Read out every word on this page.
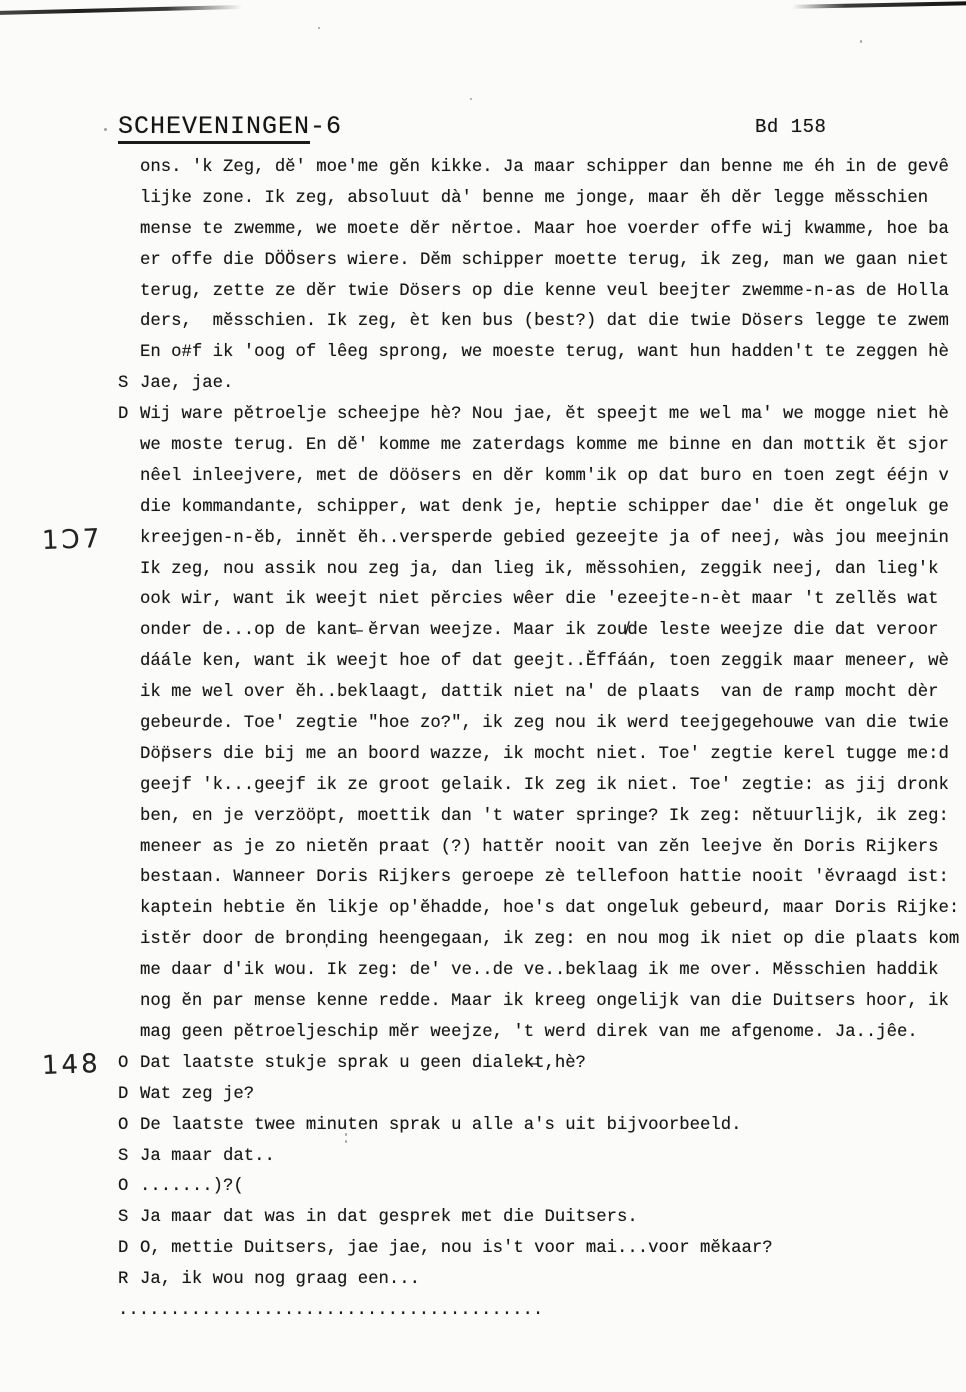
SCHEVENINGEN-6	Bd 158
ons. 'k Zeg, dĕ' moe'me gĕn kikke. Ja maar schipper dan benne me éh in de gevê
lijke zone. Ik zeg, absoluut dà' benne me jonge, maar ĕh dĕr legge mĕsschien
mense te zwemme, we moete dĕr nĕrtoe. Maar hoe voerder offe wij kwamme, hoe ba
er offe die DÖÖsers wiere. Dĕm schipper moette terug, ik zeg, man we gaan niet
terug, zette ze dĕr twie Dösers op die kenne veul beejter zwemme-n-as de Holla
ders,  mĕsschien. Ik zeg, èt ken bus (best?) dat die twie Dösers legge te zwem
En o#f ik 'oog of lêeg sprong, we moeste terug, want hun hadden't te zeggen hè
S Jae, jae.
D Wij ware pĕtroelje scheejpe hè? Nou jae, ĕt speejt me wel ma' we mogge niet hè
we moste terug. En dĕ' komme me zaterdags komme me binne en dan mottik ĕt sjor
nêel inleejvere, met de döösers en dĕr komm'ik op dat buro en toen zegt ééjn v
die kommandante, schipper, wat denk je, heptie schipper dae' die ĕt ongeluk ge
1Ɔ7 kreejgen-n-ĕb, innĕt ĕh..versperde gebied gezeejte ja of neej, wàs jou meejnin
Ik zeg, nou assik nou zeg ja, dan lieg ik, mĕssohien, zeggik neej, dan lieg'k
ook wir, want ik weejt niet pĕrcies wêer die 'ezeejte-n-èt maar 't zellĕs wat
onder de...op de kant̶ ĕrvan weejze. Maar ik zou̸de leste weejze die dat veroor
dáále ken, want ik weejt hoe of dat geejt..Ĕffáán, toen zeggik maar meneer, wè
ik me wel over ĕh..beklaagt, dattik niet na' de plaats  van de ramp mocht dèr
gebeurde. Toe' zegtie "hoe zo?", ik zeg nou ik werd teejgegehouwe van die twie
Döp̈sers die bij me an boord wazze, ik mocht niet. Toe' zegtie kerel tugge me:d
geejf 'k...geejf ik ze groot gelaik. Ik zeg ik niet. Toe' zegtie: as jij dronk
ben, en je verzööpt, moettik dan 't water springe? Ik zeg: nĕtuurlijk, ik zeg:
meneer as je zo nietĕn praat (?) hattĕr nooit van zĕn leejve ĕn Doris Rijkers
bestaan. Wanneer Doris Rijkers geroepe zè tellefoon hattie nooit 'ĕvraagd ist:
kaptein hebtie ĕn likje op'ĕhadde, hoe's dat ongeluk gebeurd, maar Doris Rijke:
istĕr door de bron̦ding heengegaan, ik zeg: en nou mog ik niet op die plaats kom
me daar d'ik wou. Ik zeg: de' ve..de ve..beklaag ik me over. Mĕsschien haddik
nog ĕn par mense kenne redde. Maar ik kreeg ongelijk van die Duitsers hoor, ik
mag geen pĕtroeljeschip mĕr weejze, 't werd direk van me afgenome. Ja..jêe.
148 O Dat laatste stukje sprak u geen dialek̶t,hè?
D Wat zeg je?
O De laatste twee minuten sprak u alle a's uit bijvoorbeeld.
S Ja maar dat..
O .......)?(
S Ja maar dat was in dat gesprek met die Duitsers.
D O, mettie Duitsers, jae jae, nou is't voor mai...voor mĕkaar?
R Ja, ik wou nog graag een...
.........................................
